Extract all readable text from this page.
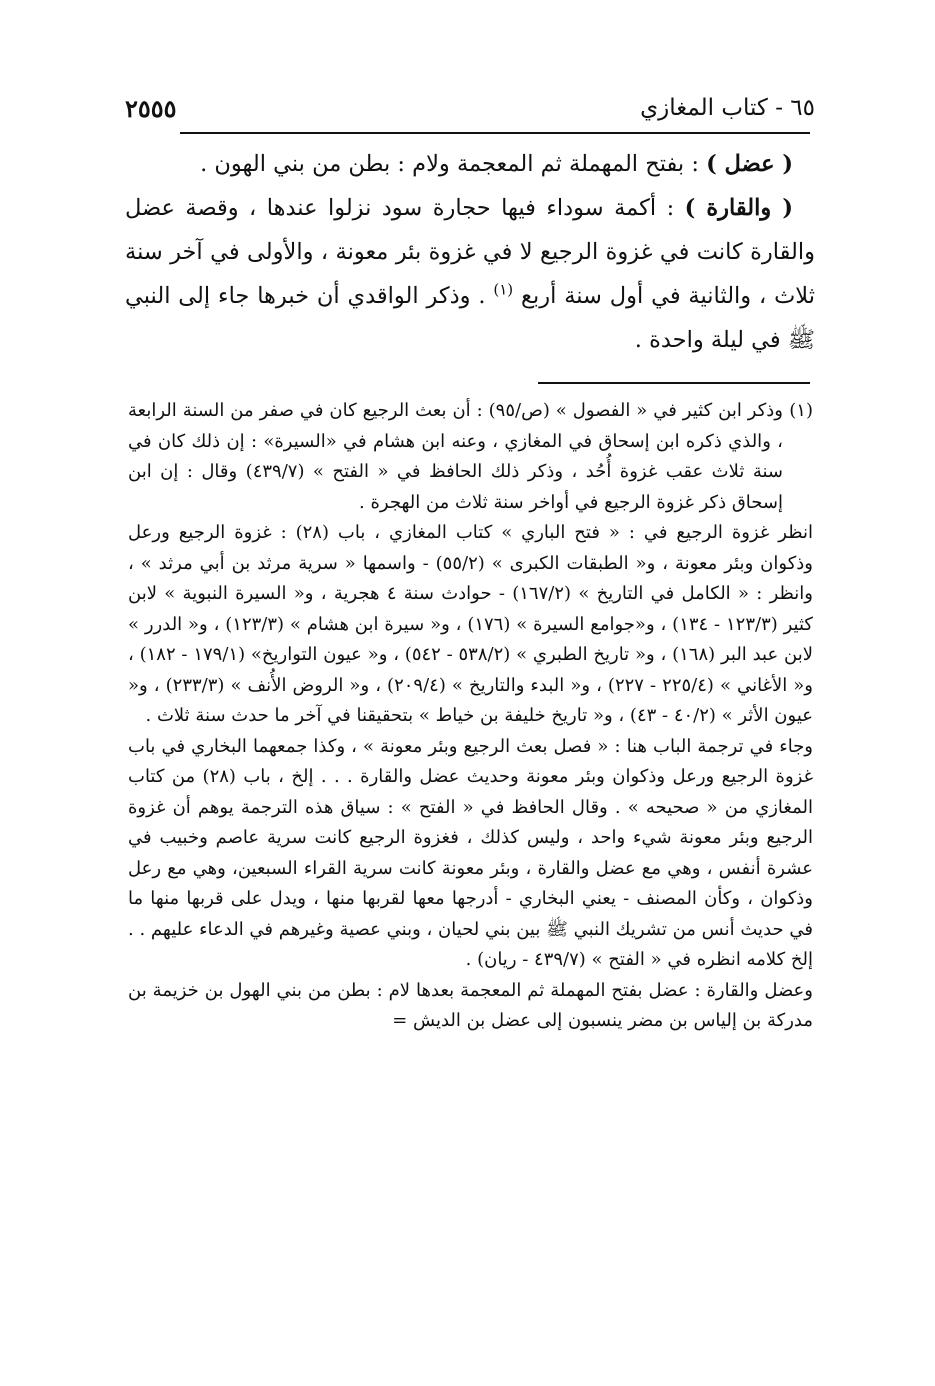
٦٥ - كتاب المغازي
٢٥٥٥

( عضل ) : بفتح المهملة ثم المعجمة ولام : بطن من بني الهون .

( والقارة ) : أكمة سوداء فيها حجارة سود نزلوا عندها ، وقصة عضل والقارة كانت في غزوة الرجيع لا في غزوة بئر معونة ، والأولى في آخر سنة ثلاث ، والثانية في أول سنة أربع $^{(١)}$ . وذكر الواقدي أن خبرها جاء إلى النبي ﷺ في ليلة واحدة .

(١)وذكر ابن كثير في « الفصول » (ص/٩٥) : أن بعث الرجيع كان في صفر من السنة الرابعة ، والذي ذكره ابن إسحاق في المغازي ، وعنه ابن هشام في «السيرة» : إن ذلك كان في سنة ثلاث عقب غزوة أُحُد ، وذكر ذلك الحافظ في « الفتح » (٤٣٩/٧) وقال : إن ابن إسحاق ذكر غزوة الرجيع في أواخر سنة ثلاث من الهجرة .

انظر غزوة الرجيع في : « فتح الباري » كتاب المغازي ، باب (٢٨) : غزوة الرجيع ورعل وذكوان وبئر معونة ، و« الطبقات الكبرى » (٥٥/٢) - واسمها « سرية مرثد بن أبي مرثد » ، وانظر : « الكامل في التاريخ » (١٦٧/٢) - حوادث سنة ٤ هجرية ، و« السيرة النبوية » لابن كثير (١٢٣/٣ - ١٣٤) ، و«جوامع السيرة » (١٧٦) ، و« سيرة ابن هشام » (١٢٣/٣) ، و« الدرر » لابن عبد البر (١٦٨) ، و« تاريخ الطبري » (٥٣٨/٢ - ٥٤٢) ، و« عيون التواريخ» (١٧٩/١ - ١٨٢) ، و« الأغاني » (٢٢٥/٤ - ٢٢٧) ، و« البدء والتاريخ » (٢٠٩/٤) ، و« الروض الأُنف » (٢٣٣/٣) ، و« عيون الأثر » (٤٠/٢ - ٤٣) ، و« تاريخ خليفة بن خياط » بتحقيقنا في آخر ما حدث سنة ثلاث .

وجاء في ترجمة الباب هنا : « فصل بعث الرجيع وبئر معونة » ، وكذا جمعهما البخاري في باب غزوة الرجيع ورعل وذكوان وبئر معونة وحديث عضل والقارة . . . إلخ ، باب (٢٨) من كتاب المغازي من « صحيحه » . وقال الحافظ في « الفتح » : سياق هذه الترجمة يوهم أن غزوة الرجيع وبئر معونة شيء واحد ، وليس كذلك ، فغزوة الرجيع كانت سرية عاصم وخبيب في عشرة أنفس ، وهي مع عضل والقارة ، وبئر معونة كانت سرية القراء السبعين، وهي مع رعل وذكوان ، وكأن المصنف - يعني البخاري - أدرجها معها لقربها منها ، ويدل على قربها منها ما في حديث أنس من تشريك النبي ﷺ بين بني لحيان ، وبني عصية وغيرهم في الدعاء عليهم . . إلخ كلامه انظره في « الفتح » (٤٣٩/٧ - ريان) .

وعضل والقارة : عضل بفتح المهملة ثم المعجمة بعدها لام : بطن من بني الهول بن خزيمة بن مدركة بن إلياس بن مضر ينسبون إلى عضل بن الديش =
